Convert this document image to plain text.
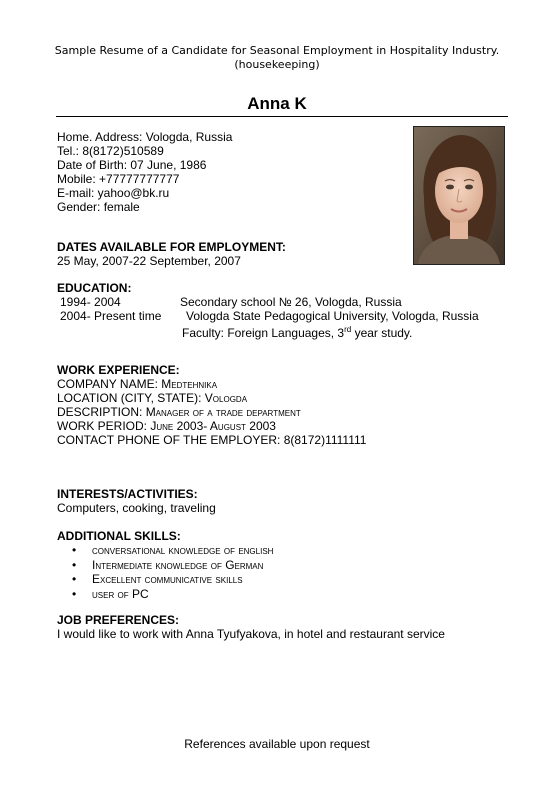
Sample Resume of a Candidate for Seasonal Employment in Hospitality Industry.
(housekeeping)
Anna K
Home. Address: Vologda, Russia
Tel.: 8(8172)510589
Date of Birth: 07 June, 1986
Mobile: +77777777777
E-mail: yahoo@bk.ru
Gender: female
DATES AVAILABLE FOR EMPLOYMENT:
25 May, 2007-22 September, 2007
EDUCATION:
1994- 2004	Secondary school № 26, Vologda, Russia
2004- Present time Vologda State Pedagogical University, Vologda, Russia
Faculty: Foreign Languages, 3rd year study.
WORK EXPERIENCE:
COMPANY NAME: Medtehnika
LOCATION (CITY, STATE): Vologda
DESCRIPTION: Manager of a trade department
WORK PERIOD: June 2003- August 2003
CONTACT PHONE OF THE EMPLOYER: 8(8172)1111111
INTERESTS/ACTIVITIES:
Computers, cooking, traveling
ADDITIONAL SKILLS:
• conversational knowledge of english
• Intermediate knowledge of German
• Excellent communicative skills
• user of PC
JOB PREFERENCES:
I would like to work with Anna Tyufyakova, in hotel and restaurant service
References available upon request
